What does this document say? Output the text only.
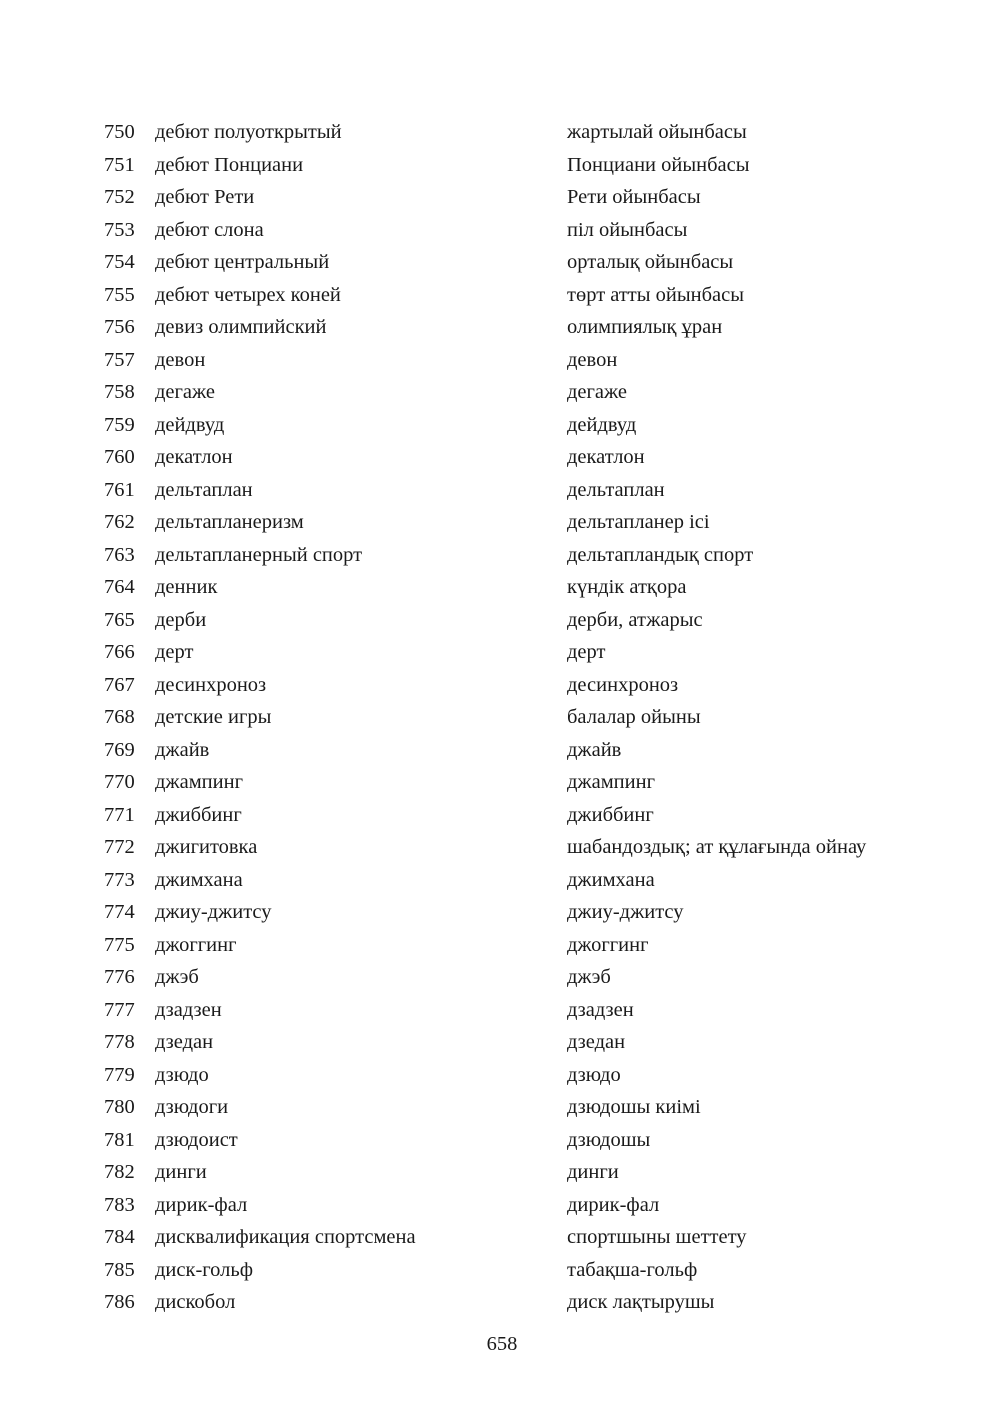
750 дебют полуоткрытый	жартылай ойынбасы
751 дебют Понциани	Понциани ойынбасы
752 дебют Рети	Рети ойынбасы
753 дебют слона	піл ойынбасы
754 дебют центральный	орталық ойынбасы
755 дебют четырех коней	төрт атты ойынбасы
756 девиз олимпийский	олимпиялық ұран
757 девон	девон
758 дегаже	дегаже
759 дейдвуд	дейдвуд
760 декатлон	декатлон
761 дельтаплан	дельтаплан
762 дельтапланеризм	дельтапланер ісі
763 дельтапланерный спорт	дельтапландық спорт
764 денник	күндік атқора
765 дерби	дерби, атжарыс
766 дерт	дерт
767 десинхроноз	десинхроноз
768 детские игры	балалар ойыны
769 джайв	джайв
770 джампинг	джампинг
771 джиббинг	джиббинг
772 джигитовка	шабандоздық; ат құлағында ойнау
773 джимхана	джимхана
774 джиу-джитсу	джиу-джитсу
775 джоггинг	джоггинг
776 джэб	джэб
777 дзадзен	дзадзен
778 дзедан	дзедан
779 дзюдо	дзюдо
780 дзюдоги	дзюдошы киімі
781 дзюдоист	дзюдошы
782 динги	динги
783 дирик-фал	дирик-фал
784 дисквалификация спортсмена	спортшыны шеттету
785 диск-гольф	табақша-гольф
786 дискобол	диск лақтырушы
658
